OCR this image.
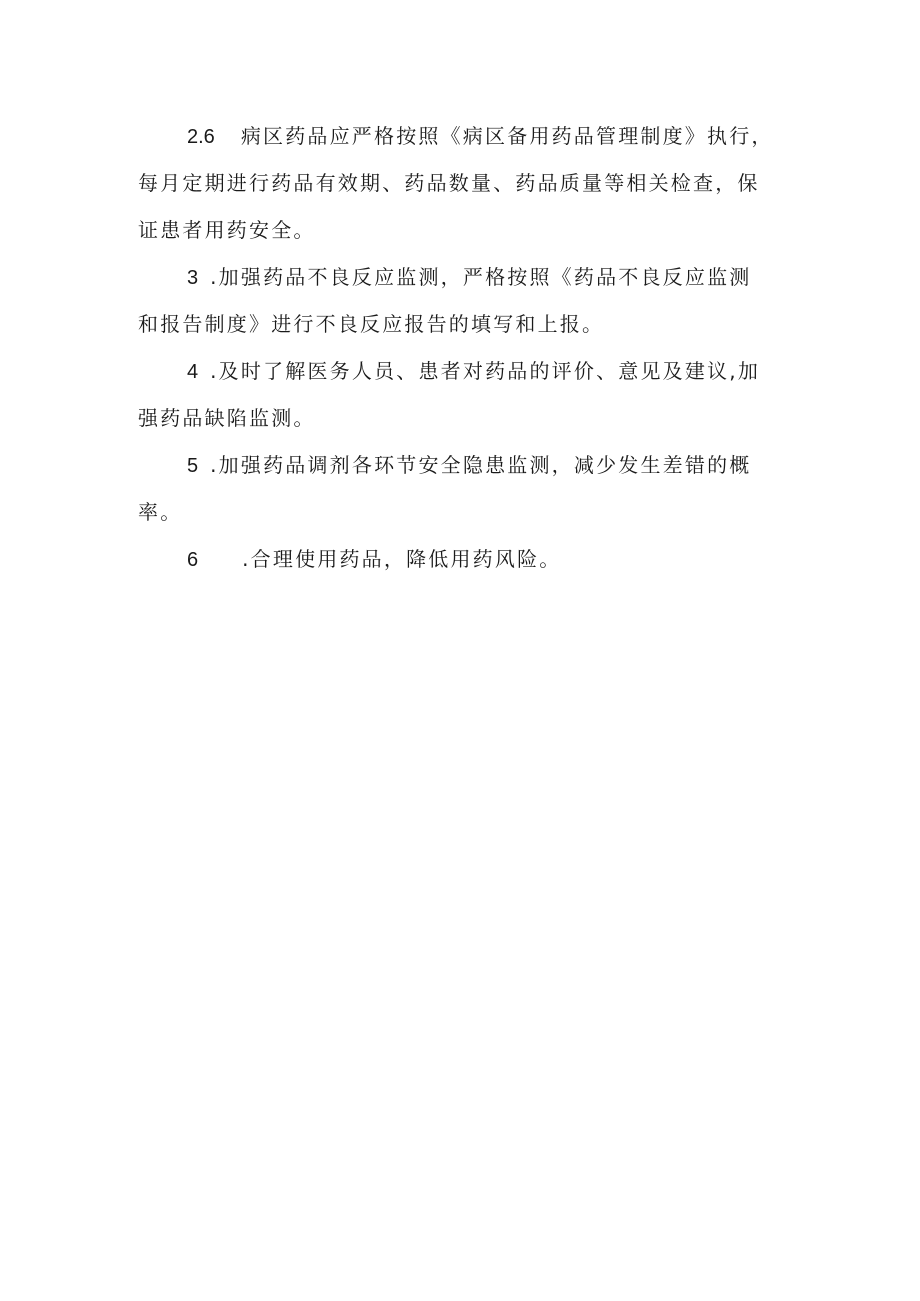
2.6 病区药品应严格按照《病区备用药品管理制度》执行，
每月定期进行药品有效期、药品数量、药品质量等相关检查，保
证患者用药安全。
3 .加强药品不良反应监测，严格按照《药品不良反应监测
和报告制度》进行不良反应报告的填写和上报。
4 .及时了解医务人员、患者对药品的评价、意见及建议,加
强药品缺陷监测。
5 .加强药品调剂各环节安全隐患监测，减少发生差错的概
率。
6 .合理使用药品，降低用药风险。
